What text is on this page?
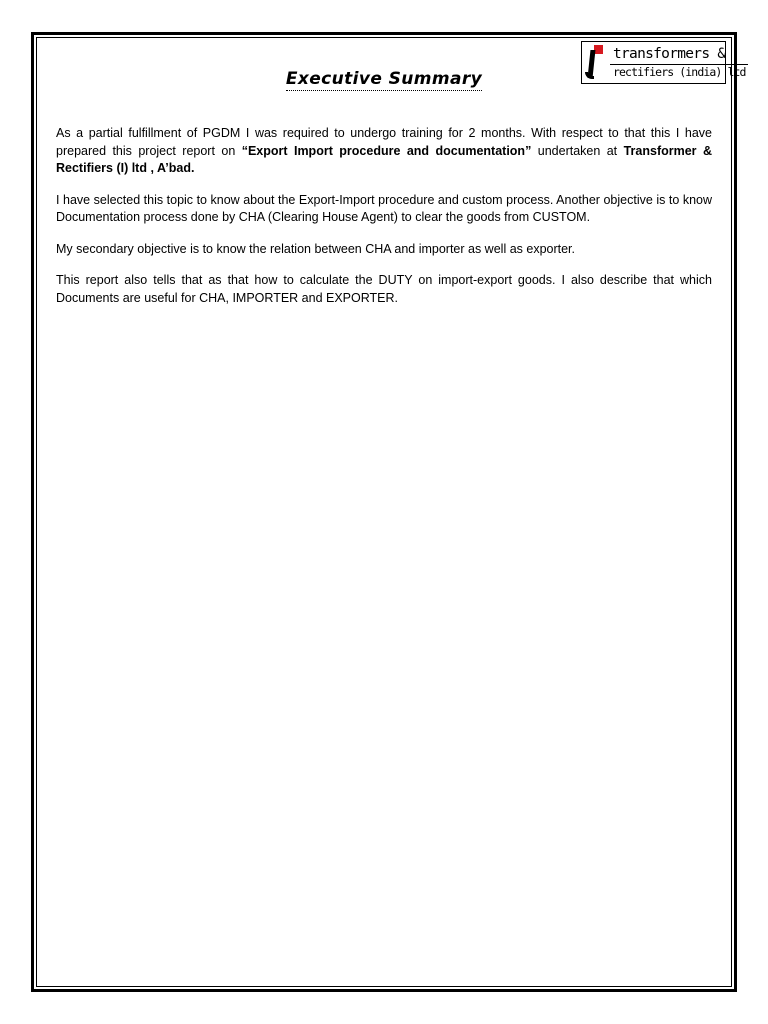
transformers &
rectifiers (india) ltd
Executive Summary

As a partial fulfillment of PGDM I was required to undergo training for 2 months. With respect to that this I have prepared this project report on “Export Import procedure and documentation” undertaken at Transformer & Rectifiers (I) ltd , A’bad.

I have selected this topic to know about the Export-Import procedure and custom process. Another objective is to know Documentation process done by CHA (Clearing House Agent) to clear the goods from CUSTOM.

My secondary objective is to know the relation between CHA and importer as well as exporter.

This report also tells that as that how to calculate the DUTY on import-export goods. I also describe that which Documents are useful for CHA, IMPORTER and EXPORTER.
